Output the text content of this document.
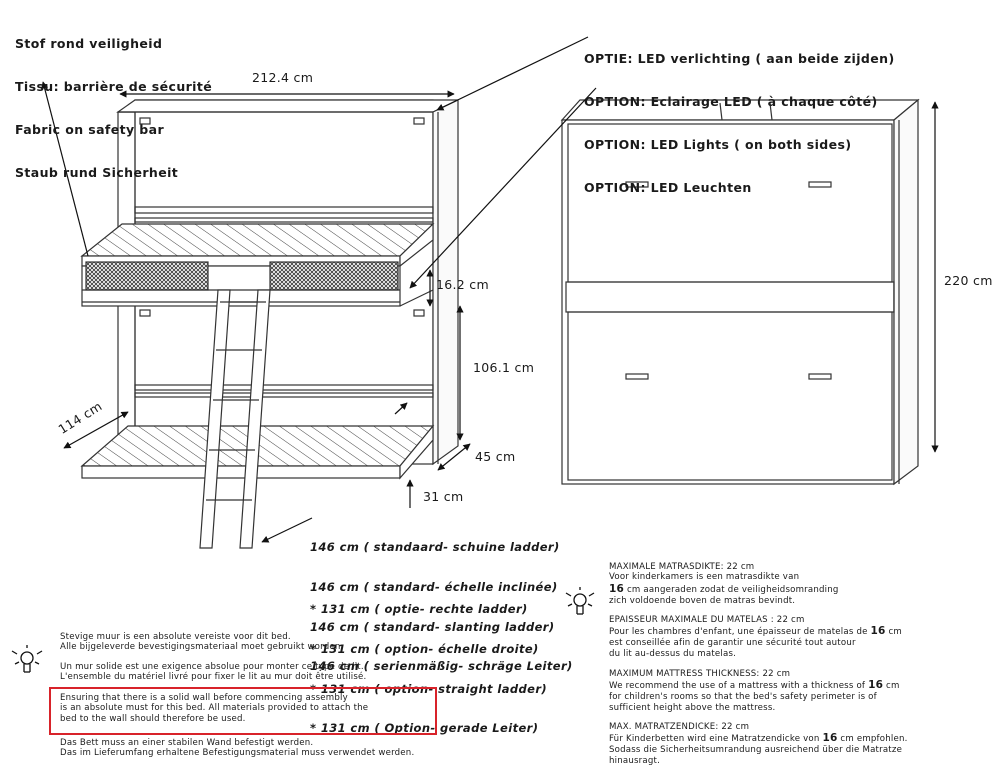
Stof rond veiligheid

Tissu: barrière de sécurité

Fabric on safety bar

Staub rund Sicherheit

OPTIE: LED verlichting ( aan beide zijden)

OPTION: Eclairage LED ( à chaque côté)

OPTION: LED Lights ( on both sides)

OPTION: LED Leuchten

212.4 cm
16.2 cm
106.1 cm
114 cm
45 cm
31 cm
220 cm

146 cm ( standaard- schuine ladder)

146 cm ( standard- échelle inclinée)

146 cm ( standard- slanting ladder)

146 cm ( serienmäßig- schräge Leiter)

* 131 cm ( optie- rechte ladder)

* 131 cm ( option- échelle droite)

* 131 cm ( option- straight ladder)

* 131 cm ( Option- gerade Leiter)

Stevige muur is een absolute vereiste voor dit bed.
Alle bijgeleverde bevestigingsmateriaal moet gebruikt worden.
Un mur solide est une exigence absolue pour monter ce type de lit.
L'ensemble du matériel livré pour fixer le lit au mur doit être utilisé.
Ensuring that there is a solid wall before commencing assembly
is an absolute must for this bed. All materials provided to attach the
bed to the wall should therefore be used.
Das Bett muss an einer stabilen Wand befestigt werden.
Das im Lieferumfang erhaltene Befestigungsmaterial muss verwendet werden.
MAXIMALE MATRASDIKTE: 22 cm
Voor kinderkamers is een matrasdikte van
16 cm aangeraden zodat de veiligheidsomranding
zich voldoende boven de matras bevindt.
EPAISSEUR MAXIMALE DU MATELAS : 22 cm
Pour les chambres d'enfant, une épaisseur de matelas de 16 cm
est conseillée afin de garantir une sécurité tout autour
du lit au-dessus du matelas.
MAXIMUM MATTRESS THICKNESS: 22 cm
We recommend the use of a mattress with a thickness of 16 cm
for children's rooms so that the bed's safety perimeter is of
sufficient height above the mattress.
MAX. MATRATZENDICKE: 22 cm
Für Kinderbetten wird eine Matratzendicke von 16 cm empfohlen.
Sodass die Sicherheitsumrandung ausreichend über die Matratze
hinausragt.
